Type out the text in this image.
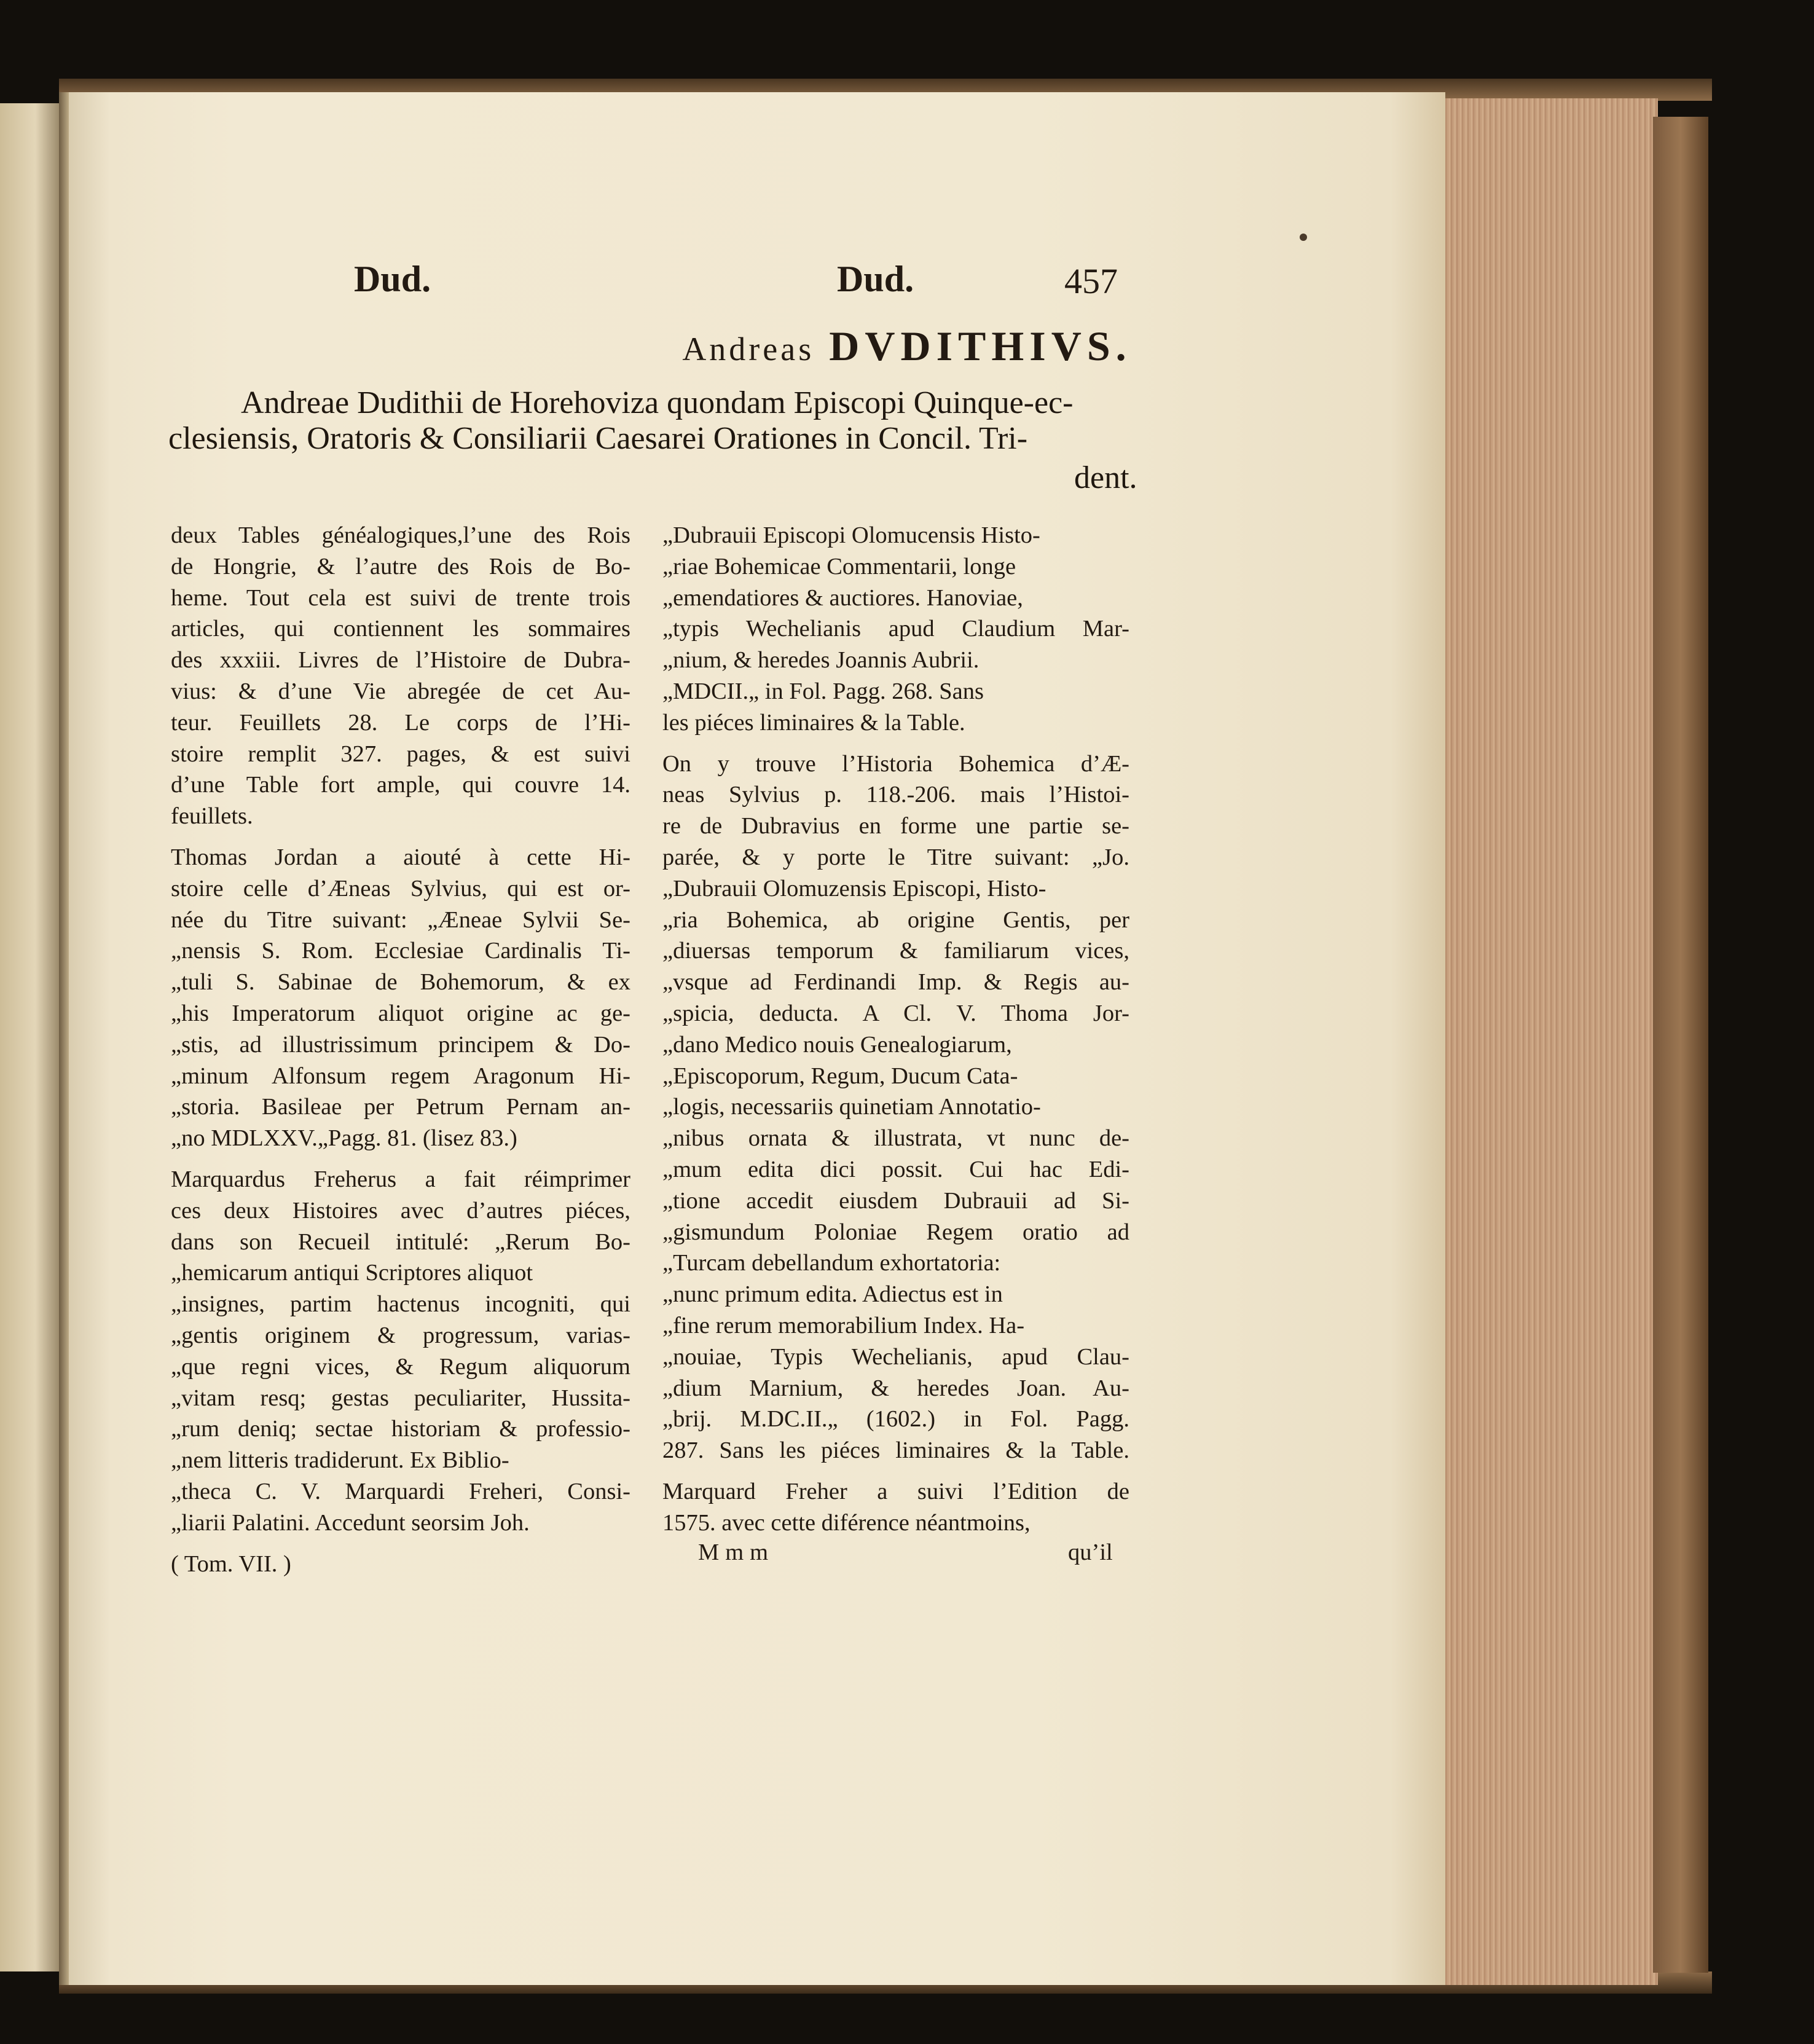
Dud.	Dud.	457
Andreas DVDITHIVS.
Andreae Dudithii de Horehoviza quondam Episcopi Quinque-ec-
clesiensis, Oratoris & Consiliarii Caesarei Orationes in Concil. Tri-
dent.
deux Tables généalogiques,l’une des Rois
de Hongrie, & l’autre des Rois de Bo-
heme. Tout cela est suivi de trente trois
articles, qui contiennent les sommaires
des xxxiii. Livres de l’Histoire de Dubra-
vius: & d’une Vie abregée de cet Au-
teur. Feuillets 28. Le corps de l’Hi-
stoire remplit 327. pages, & est suivi
d’une Table fort ample, qui couvre 14.
feuillets.
Thomas Jordan a aiouté à cette Hi-
stoire celle d’Æneas Sylvius, qui est or-
née du Titre suivant: „Æneae Sylvii Se-
„nensis S. Rom. Ecclesiae Cardinalis Ti-
„tuli S. Sabinae de Bohemorum, & ex
„his Imperatorum aliquot origine ac ge-
„stis, ad illustrissimum principem & Do-
„minum Alfonsum regem Aragonum Hi-
„storia. Basileae per Petrum Pernam an-
„no MDLXXV.„Pagg. 81. (lisez 83.)
Marquardus Freherus a fait réimprimer
ces deux Histoires avec d’autres piéces,
dans son Recueil intitulé: „Rerum Bo-
„hemicarum antiqui Scriptores aliquot
„insignes, partim hactenus incogniti, qui
„gentis originem & progressum, varias-
„que regni vices, & Regum aliquorum
„vitam resq; gestas peculiariter, Hussita-
„rum deniq; sectae historiam & professio-
„nem litteris tradiderunt. Ex Biblio-
„theca C. V. Marquardi Freheri, Consi-
„liarii Palatini. Accedunt seorsim Joh.
( Tom. VII. )
„Dubrauii Episcopi Olomucensis Histo-
„riae Bohemicae Commentarii, longe
„emendatiores & auctiores. Hanoviae,
„typis Wechelianis apud Claudium Mar-
„nium, & heredes Joannis Aubrii.
„MDCII.„ in Fol. Pagg. 268. Sans
les piéces liminaires & la Table.
On y trouve l’Historia Bohemica d’Æ-
neas Sylvius p. 118.-206. mais l’Histoi-
re de Dubravius en forme une partie se-
parée, & y porte le Titre suivant: „Jo.
„Dubrauii Olomuzensis Episcopi, Histo-
„ria Bohemica, ab origine Gentis, per
„diuersas temporum & familiarum vices,
„vsque ad Ferdinandi Imp. & Regis au-
„spicia, deducta. A Cl. V. Thoma Jor-
„dano Medico nouis Genealogiarum,
„Episcoporum, Regum, Ducum Cata-
„logis, necessariis quinetiam Annotatio-
„nibus ornata & illustrata, vt nunc de-
„mum edita dici possit. Cui hac Edi-
„tione accedit eiusdem Dubrauii ad Si-
„gismundum Poloniae Regem oratio ad
„Turcam debellandum exhortatoria:
„nunc primum edita. Adiectus est in
„fine rerum memorabilium Index. Ha-
„nouiae, Typis Wechelianis, apud Clau-
„dium Marnium, & heredes Joan. Au-
„brij. M.DC.II.„ (1602.) in Fol. Pagg.
287. Sans les piéces liminaires & la Table.
Marquard Freher a suivi l’Edition de
1575. avec cette diférence néantmoins,
Mmm	qu’il
